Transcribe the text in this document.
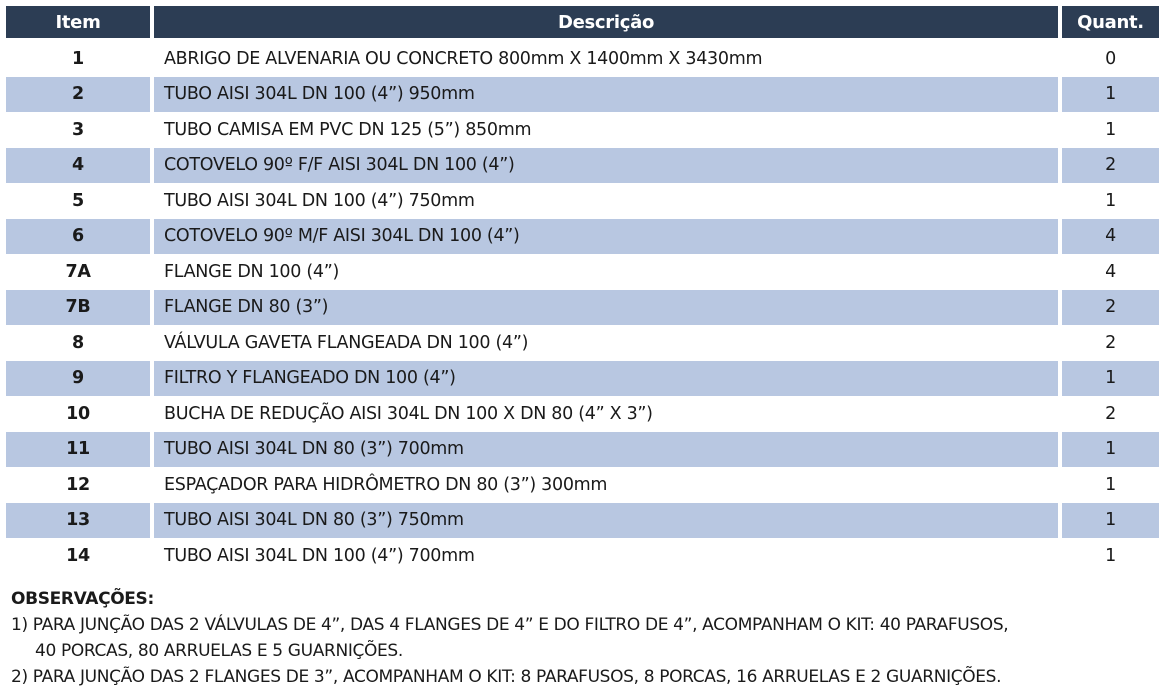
Item	Descrição	Quant.
1	ABRIGO DE ALVENARIA OU CONCRETO 800mm X 1400mm X 3430mm	0
2	TUBO AISI 304L DN 100 (4”) 950mm	1
3	TUBO CAMISA EM PVC DN 125 (5”) 850mm	1
4	COTOVELO 90º F/F AISI 304L DN 100 (4”)	2
5	TUBO AISI 304L DN 100 (4”) 750mm	1
6	COTOVELO 90º M/F AISI 304L DN 100 (4”)	4
7A	FLANGE DN 100 (4”)	4
7B	FLANGE DN 80 (3”)	2
8	VÁLVULA GAVETA FLANGEADA DN 100 (4”)	2
9	FILTRO Y FLANGEADO DN 100 (4”)	1
10	BUCHA DE REDUÇÃO AISI 304L DN 100 X DN 80 (4” X 3”)	2
11	TUBO AISI 304L DN 80 (3”) 700mm	1
12	ESPAÇADOR PARA HIDRÔMETRO DN 80 (3”) 300mm	1
13	TUBO AISI 304L DN 80 (3”) 750mm	1
14	TUBO AISI 304L DN 100 (4”) 700mm	1
OBSERVAÇÕES:
1) PARA JUNÇÃO DAS 2 VÁLVULAS DE 4”, DAS 4 FLANGES DE 4” E DO FILTRO DE 4”, ACOMPANHAM O KIT: 40 PARAFUSOS,
40 PORCAS, 80 ARRUELAS E 5 GUARNIÇÕES.
2) PARA JUNÇÃO DAS 2 FLANGES DE 3”, ACOMPANHAM O KIT: 8 PARAFUSOS, 8 PORCAS, 16 ARRUELAS E 2 GUARNIÇÕES.
